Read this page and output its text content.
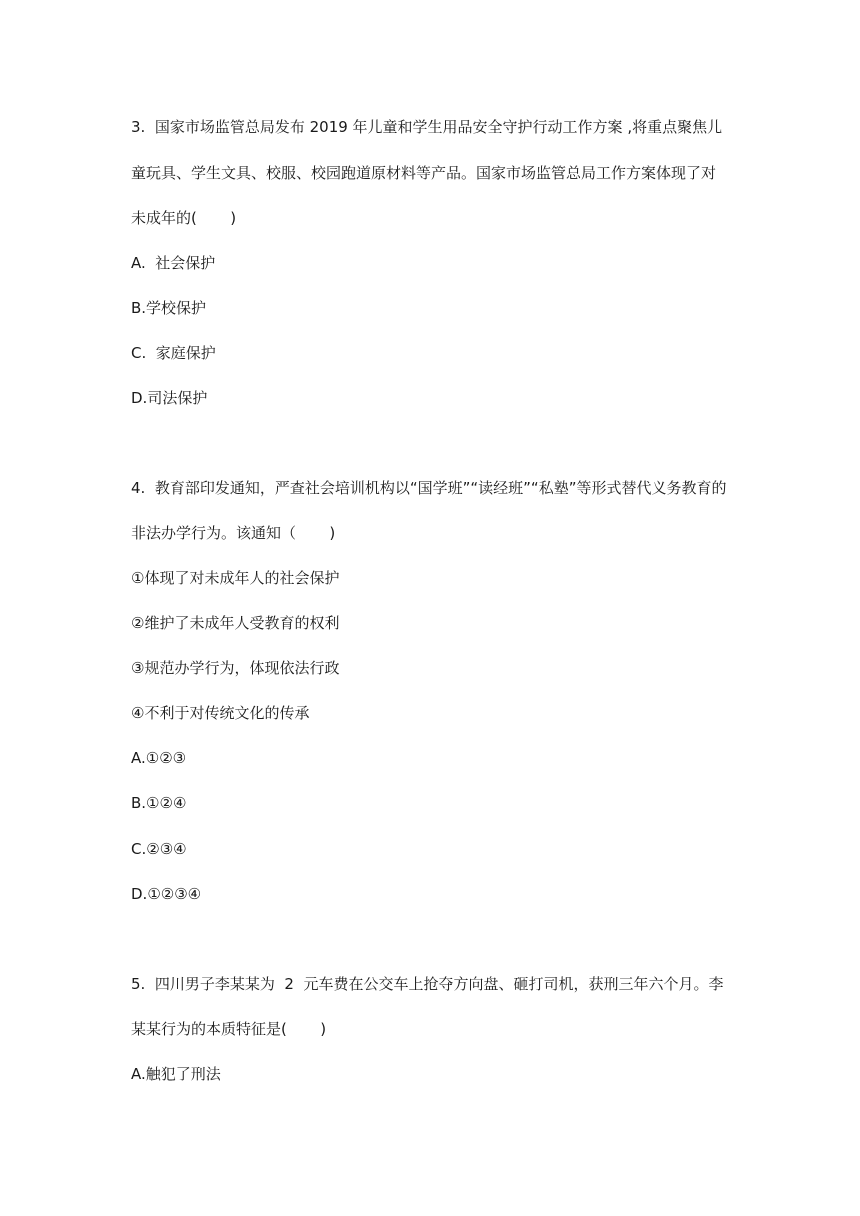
3.  国家市场监管总局发布 2019 年儿童和学生用品安全守护行动工作方案 ,将重点聚焦儿
童玩具、学生文具、校服、校园跑道原材料等产品。国家市场监管总局工作方案体现了对
未成年的(       )
A.  社会保护
B.学校保护
C.  家庭保护
D.司法保护
4.  教育部印发通知，严查社会培训机构以“国学班”“读经班”“私塾”等形式替代义务教育的
非法办学行为。该通知（       )
①体现了对未成年人的社会保护
②维护了未成年人受教育的权利
③规范办学行为，体现依法行政
④不利于对传统文化的传承
A.①②③
B.①②④
C.②③④
D.①②③④
5.  四川男子李某某为  2  元车费在公交车上抢夺方向盘、砸打司机，获刑三年六个月。李
某某行为的本质特征是(       )
A.触犯了刑法
